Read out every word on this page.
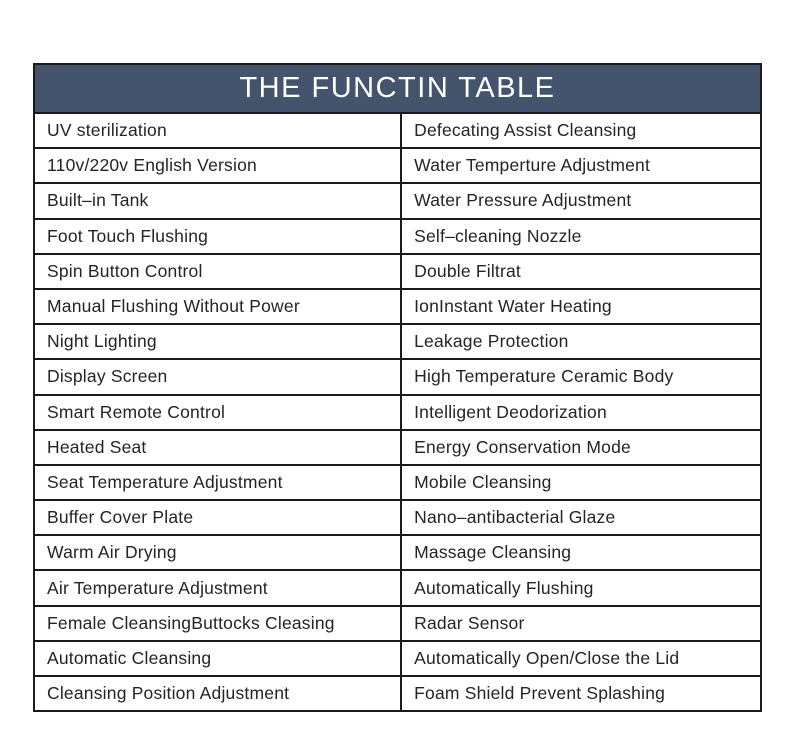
THE FUNCTIN TABLE	
UV sterilization	Defecating Assist Cleansing
110v/220v English Version	Water Temperture Adjustment
Built–in Tank	Water Pressure Adjustment
Foot Touch Flushing	Self–cleaning Nozzle
Spin Button Control	Double Filtrat
Manual Flushing Without Power	IonInstant Water Heating
Night Lighting	Leakage Protection
Display Screen	High Temperature Ceramic Body
Smart Remote Control	Intelligent Deodorization
Heated Seat	Energy Conservation Mode
Seat Temperature Adjustment	Mobile Cleansing
Buffer Cover Plate	Nano–antibacterial Glaze
Warm Air Drying	Massage Cleansing
Air Temperature Adjustment	Automatically Flushing
Female CleansingButtocks Cleasing	Radar Sensor
Automatic Cleansing	Automatically Open/Close the Lid
Cleansing Position Adjustment	Foam Shield Prevent Splashing
